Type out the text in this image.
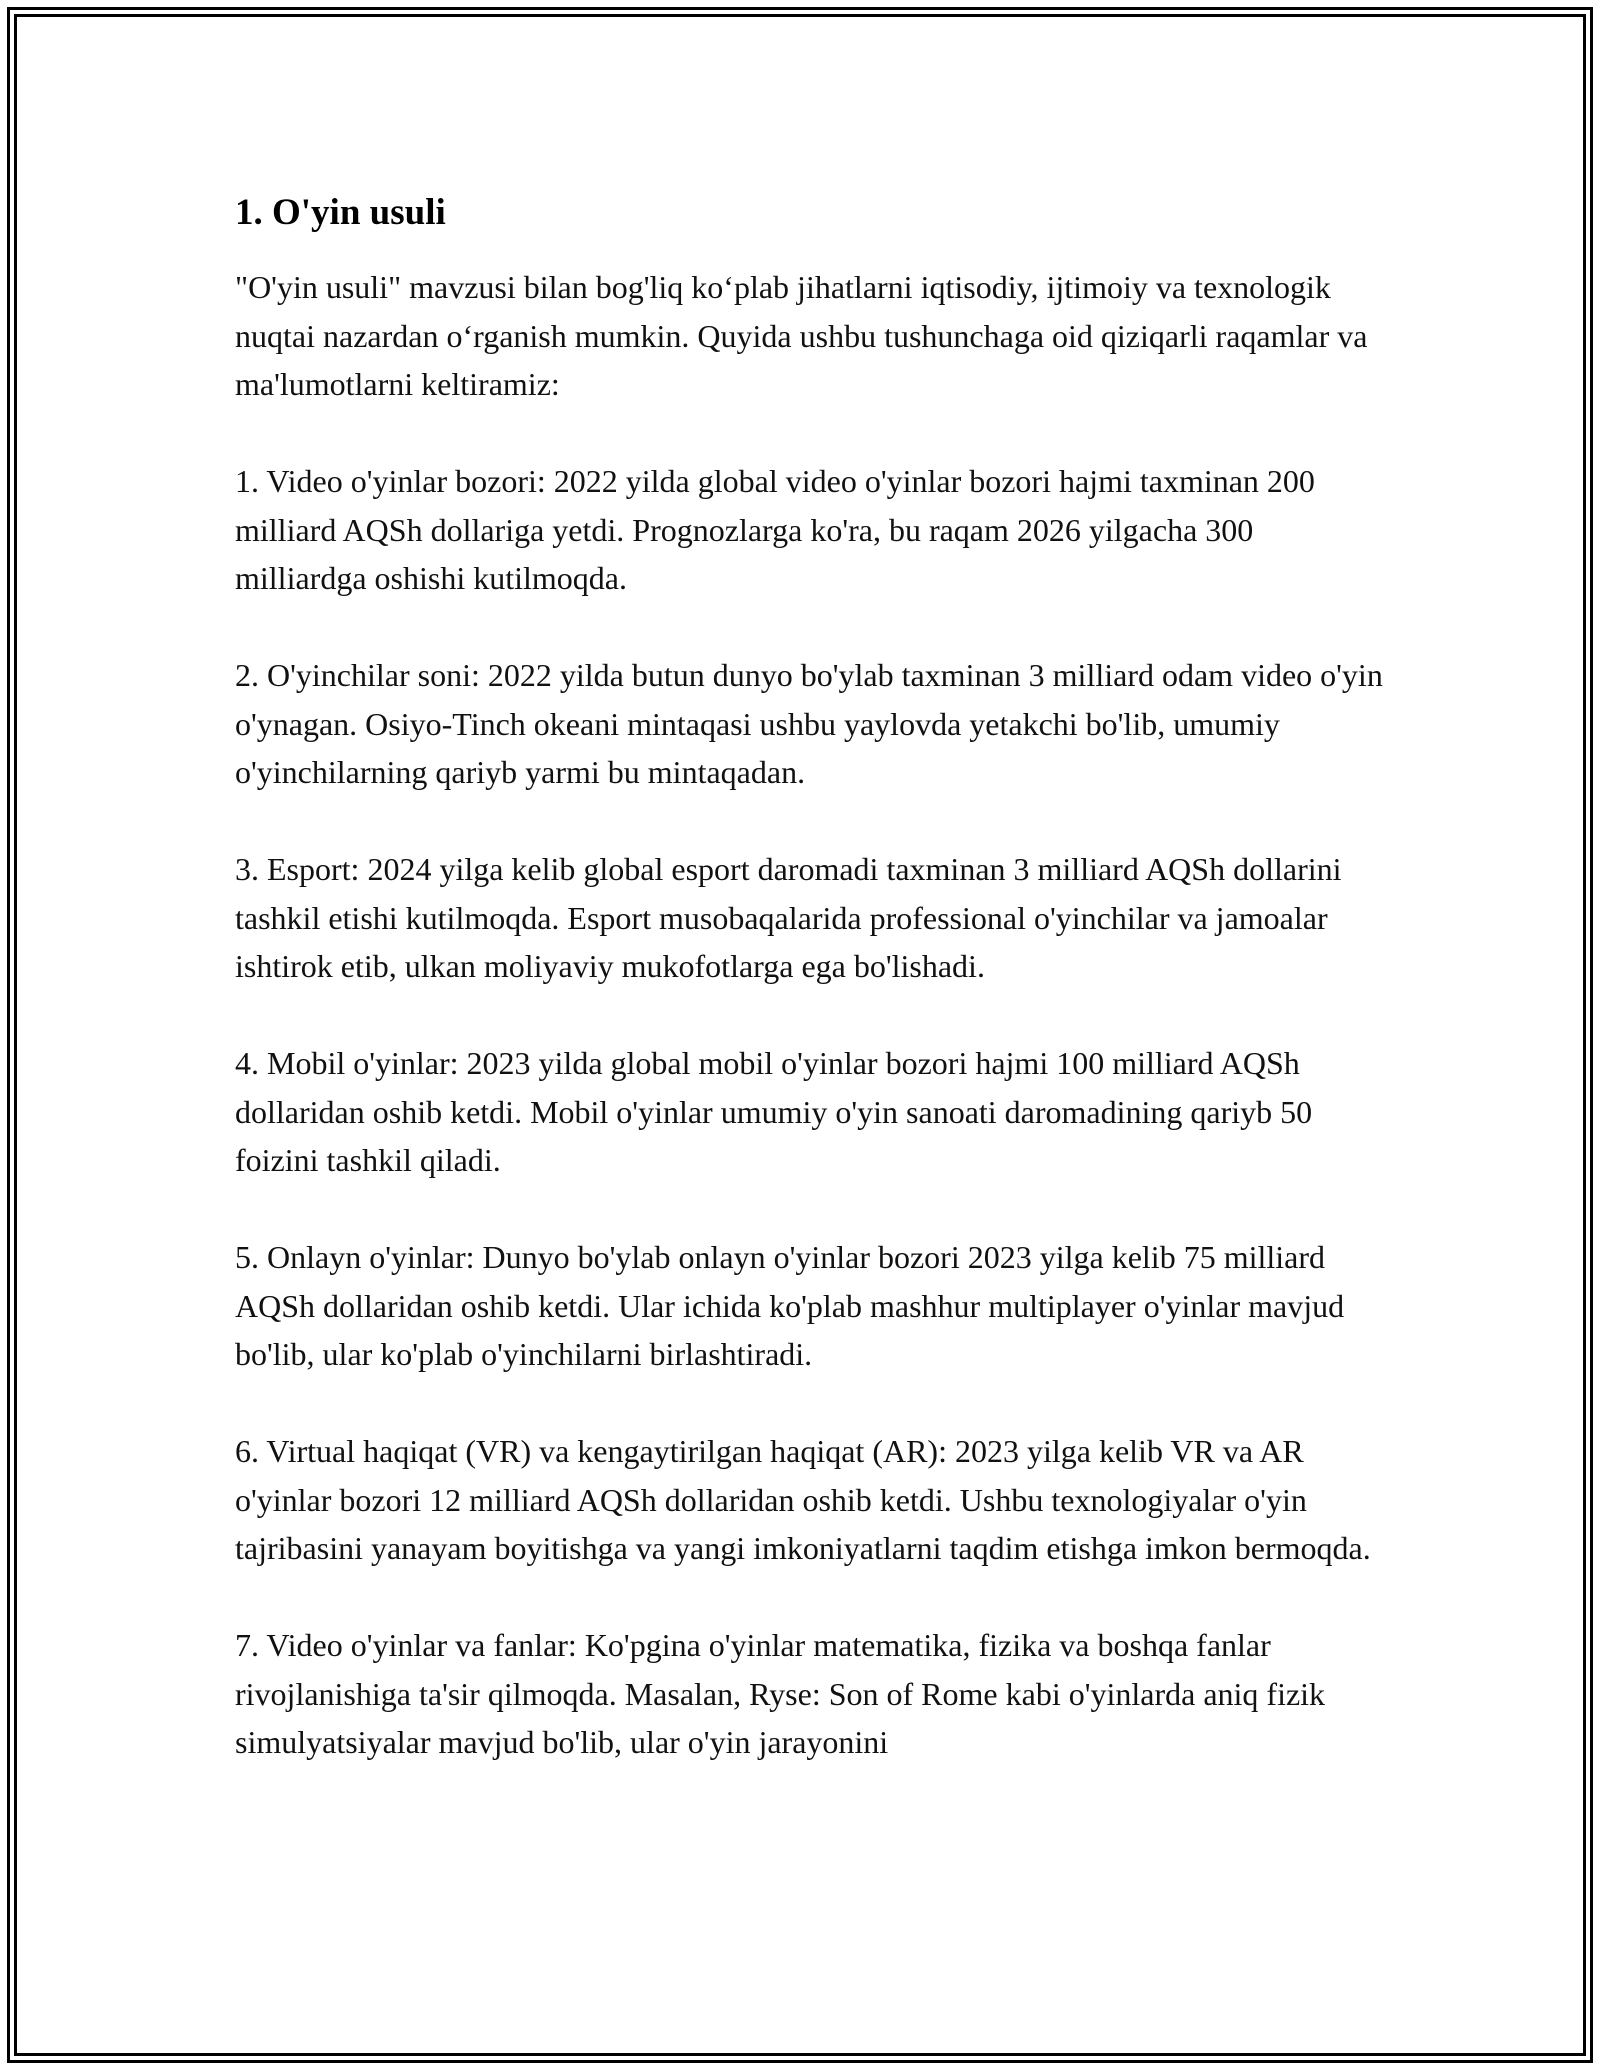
1. O'yin usuli

"O'yin usuli" mavzusi bilan bog'liq ko‘plab jihatlarni iqtisodiy, ijtimoiy va texnologik nuqtai nazardan o‘rganish mumkin. Quyida ushbu tushunchaga oid qiziqarli raqamlar va ma'lumotlarni keltiramiz:

1. Video o'yinlar bozori: 2022 yilda global video o'yinlar bozori hajmi taxminan 200 milliard AQSh dollariga yetdi. Prognozlarga ko'ra, bu raqam 2026 yilgacha 300 milliardga oshishi kutilmoqda.

2. O'yinchilar soni: 2022 yilda butun dunyo bo'ylab taxminan 3 milliard odam video o'yin o'ynagan. Osiyo-Tinch okeani mintaqasi ushbu yaylovda yetakchi bo'lib, umumiy o'yinchilarning qariyb yarmi bu mintaqadan.

3. Esport: 2024 yilga kelib global esport daromadi taxminan 3 milliard AQSh dollarini tashkil etishi kutilmoqda. Esport musobaqalarida professional o'yinchilar va jamoalar ishtirok etib, ulkan moliyaviy mukofotlarga ega bo'lishadi.

4. Mobil o'yinlar: 2023 yilda global mobil o'yinlar bozori hajmi 100 milliard AQSh dollaridan oshib ketdi. Mobil o'yinlar umumiy o'yin sanoati daromadining qariyb 50 foizini tashkil qiladi.

5. Onlayn o'yinlar: Dunyo bo'ylab onlayn o'yinlar bozori 2023 yilga kelib 75 milliard AQSh dollaridan oshib ketdi. Ular ichida ko'plab mashhur multiplayer o'yinlar mavjud bo'lib, ular ko'plab o'yinchilarni birlashtiradi.

6. Virtual haqiqat (VR) va kengaytirilgan haqiqat (AR): 2023 yilga kelib VR va AR o'yinlar bozori 12 milliard AQSh dollaridan oshib ketdi. Ushbu texnologiyalar o'yin tajribasini yanayam boyitishga va yangi imkoniyatlarni taqdim etishga imkon bermoqda.

7. Video o'yinlar va fanlar: Ko'pgina o'yinlar matematika, fizika va boshqa fanlar rivojlanishiga ta'sir qilmoqda. Masalan, Ryse: Son of Rome kabi o'yinlarda aniq fizik simulyatsiyalar mavjud bo'lib, ular o'yin jarayonini
